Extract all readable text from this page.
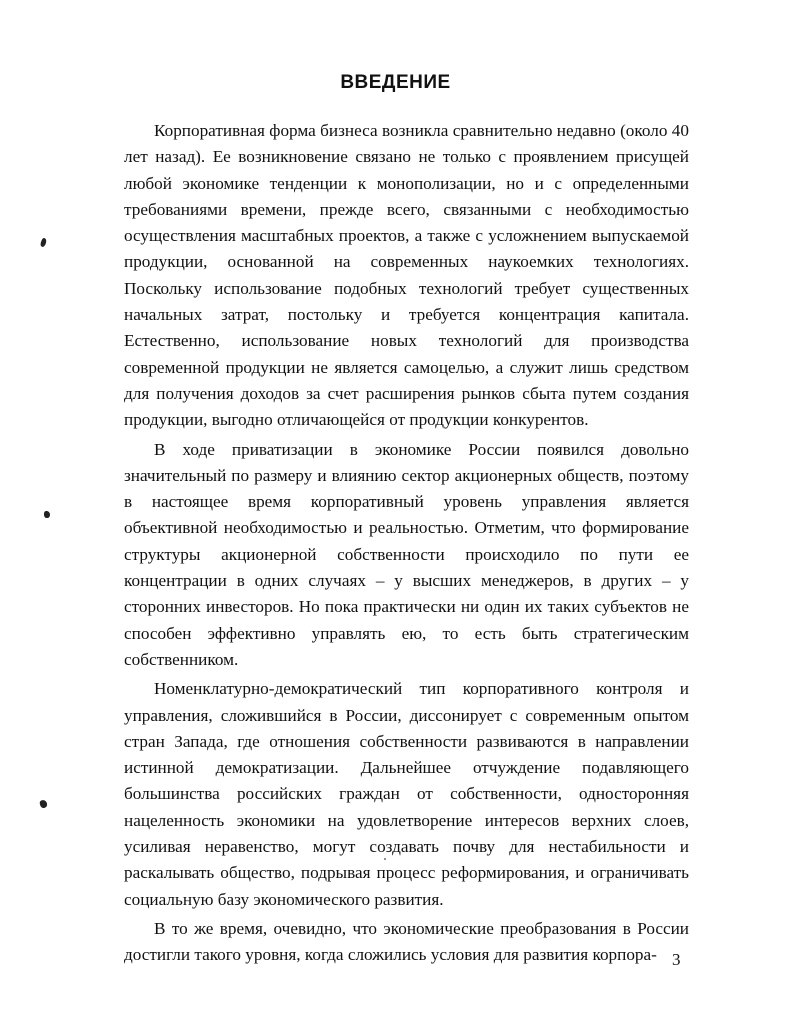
ВВЕДЕНИЕ

Корпоративная форма бизнеса возникла сравнительно недавно (около 40 лет назад). Ее возникновение связано не только с проявлением присущей любой экономике тенденции к монополизации, но и с определенными требованиями времени, прежде всего, связанными с необходимостью осуществления масштабных проектов, а также с усложнением выпускаемой продукции, основанной на современных наукоемких технологиях. Поскольку использование подобных технологий требует существенных начальных затрат, постольку и требуется концентрация капитала. Естественно, использование новых технологий для производства современной продукции не является самоцелью, а служит лишь средством для получения доходов за счет расширения рынков сбыта путем создания продукции, выгодно отличающейся от продукции конкурентов.

В ходе приватизации в экономике России появился довольно значительный по размеру и влиянию сектор акционерных обществ, поэтому в настоящее время корпоративный уровень управления является объективной необходимостью и реальностью. Отметим, что формирование структуры акционерной собственности происходило по пути ее концентрации в одних случаях – у высших менеджеров, в других – у сторонних инвесторов. Но пока практически ни один их таких субъектов не способен эффективно управлять ею, то есть быть стратегическим собственником.

Номенклатурно-демократический тип корпоративного контроля и управления, сложившийся в России, диссонирует с современным опытом стран Запада, где отношения собственности развиваются в направлении истинной демократизации. Дальнейшее отчуждение подавляющего большинства российских граждан от собственности, односторонняя нацеленность экономики на удовлетворение интересов верхних слоев, усиливая неравенство, могут создавать почву для нестабильности и раскалывать общество, подрывая процесс реформирования, и ограничивать социальную базу экономического развития.

В то же время, очевидно, что экономические преобразования в России достигли такого уровня, когда сложились условия для развития корпора- 3
